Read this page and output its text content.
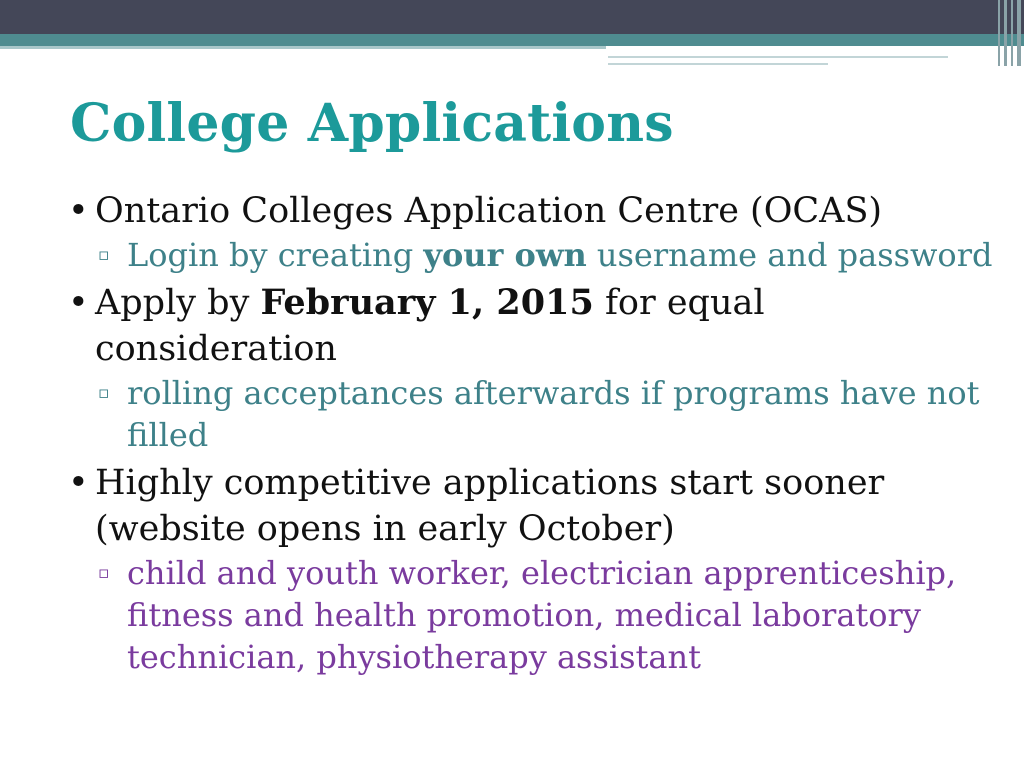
College Applications
• Ontario Colleges Application Centre (OCAS)
▫ Login by creating your own username and password
• Apply by February 1, 2015 for equal consideration
▫ rolling acceptances afterwards if programs have not filled
• Highly competitive applications start sooner (website opens in early October)
▫ child and youth worker, electrician apprenticeship, fitness and health promotion, medical laboratory technician, physiotherapy assistant
